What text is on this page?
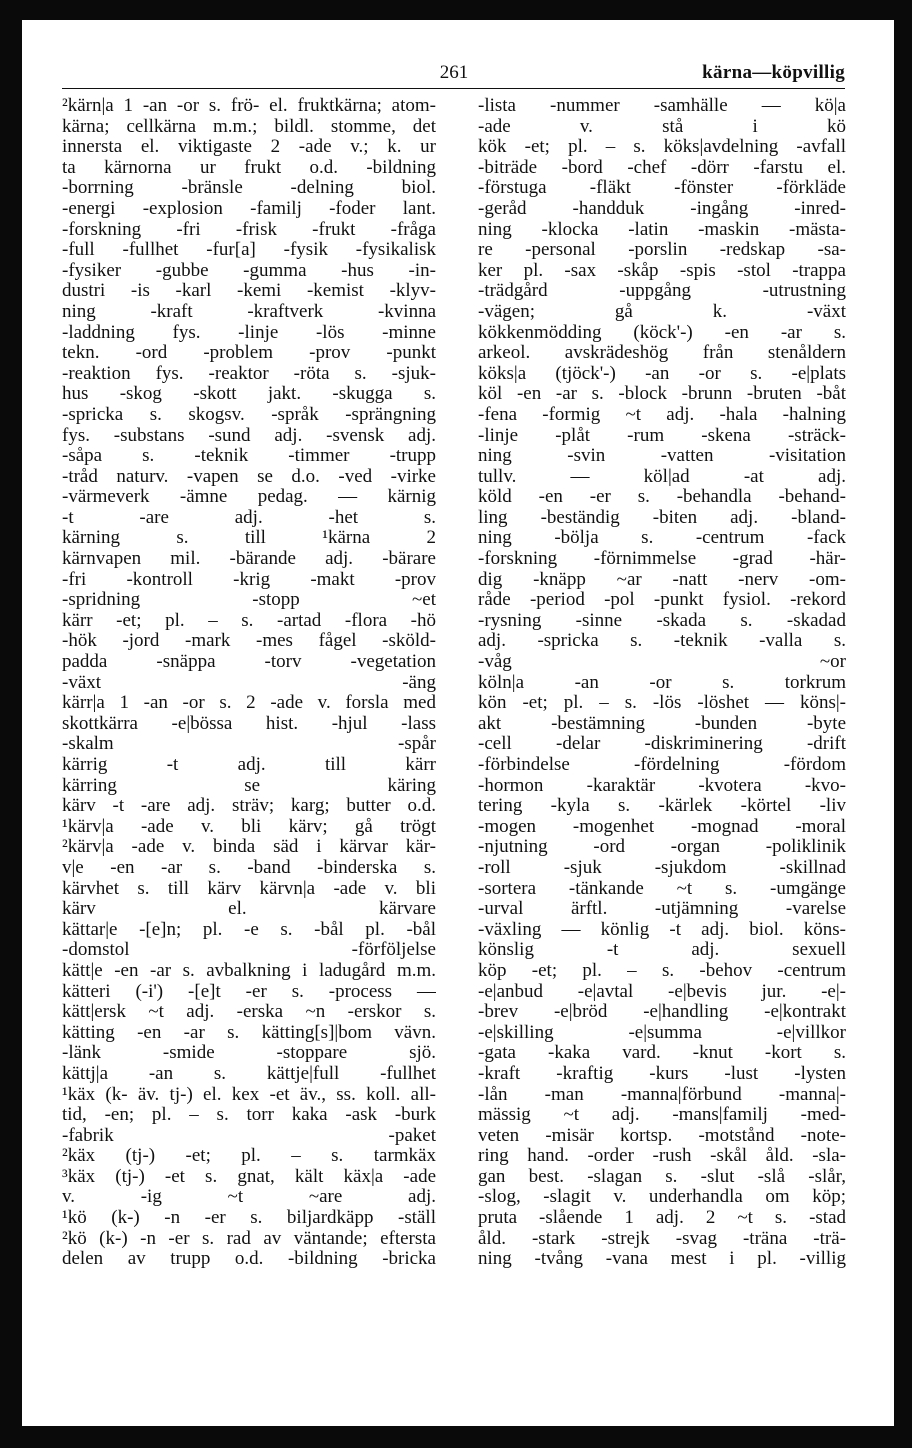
261	kärna—köpvillig
²kärn|a 1 -an -or s. frö- el. fruktkärna; atom-
kärna; cellkärna m.m.; bildl. stomme, det
innersta el. viktigaste 2 -ade v.; k. ur
ta kärnorna ur frukt o.d. -bildning
-borrning -bränsle -delning biol.
-energi -explosion -familj -foder lant.
-forskning -fri -frisk -frukt -fråga
-full -fullhet -fur[a] -fysik -fysikalisk
-fysiker -gubbe -gumma -hus -in-
dustri -is -karl -kemi -kemist -klyv-
ning -kraft -kraftverk -kvinna
-laddning fys. -linje -lös -minne
tekn. -ord -problem -prov -punkt
-reaktion fys. -reaktor -röta s. -sjuk-
hus -skog -skott jakt. -skugga s.
-spricka s. skogsv. -språk -sprängning
fys. -substans -sund adj. -svensk adj.
-såpa s. -teknik -timmer -trupp
-tråd naturv. -vapen se d.o. -ved -virke
-värmeverk -ämne pedag. — kärnig
-t -are adj. -het s.
kärning s. till ¹kärna 2
kärnvapen mil. -bärande adj. -bärare
-fri -kontroll -krig -makt -prov
-spridning -stopp ~et
kärr -et; pl. – s. -artad -flora -hö
-hök -jord -mark -mes fågel -sköld-
padda -snäppa -torv -vegetation
-växt -äng
kärr|a 1 -an -or s. 2 -ade v. forsla med
skottkärra -e|bössa hist. -hjul -lass
-skalm -spår
kärrig -t adj. till kärr
kärring se käring
kärv -t -are adj. sträv; karg; butter o.d.
¹kärv|a -ade v. bli kärv; gå trögt
²kärv|a -ade v. binda säd i kärvar kär-
v|e -en -ar s. -band -binderska s.
kärvhet s. till kärv kärvn|a -ade v. bli
kärv el. kärvare
kättar|e -[e]n; pl. -e s. -bål pl. -bål
-domstol -förföljelse
kätt|e -en -ar s. avbalkning i ladugård m.m.
kätteri (-i') -[e]t -er s. -process —
kätt|ersk ~t adj. -erska ~n -erskor s.
kätting -en -ar s. kätting[s]|bom vävn.
-länk -smide -stoppare sjö.
kättj|a -an s. kättje|full -fullhet
¹käx (k- äv. tj-) el. kex -et äv., ss. koll. all-
tid, -en; pl. – s. torr kaka -ask -burk
-fabrik -paket
²käx (tj-) -et; pl. – s. tarmkäx
³käx (tj-) -et s. gnat, kält käx|a -ade
v. -ig ~t ~are adj.
¹kö (k-) -n -er s. biljardkäpp -ställ
²kö (k-) -n -er s. rad av väntande; efterstа
delen av trupp o.d. -bildning -bricka
-lista -nummer -samhälle — kö|a
-ade v. stå i kö
kök -et; pl. – s. köks|avdelning -avfall
-biträde -bord -chef -dörr -farstu el.
-förstuga -fläkt -fönster -förkläde
-geråd -handduk -ingång -inred-
ning -klocka -latin -maskin -mästa-
re -personal -porslin -redskap -sa-
ker pl. -sax -skåp -spis -stol -trappa
-trädgård -uppgång -utrustning
-vägen; gå k. -växt
kökkenmödding (köck'-) -en -ar s.
arkeol. avskrädeshög från stenåldern
köks|a (tjöck'-) -an -or s. -e|plats
köl -en -ar s. -block -brunn -bruten -båt
-fena -formig ~t adj. -hala -halning
-linje -plåt -rum -skena -sträck-
ning -svin -vatten -visitation
tullv. — köl|ad -at adj.
köld -en -er s. -behandla -behand-
ling -beständig -biten adj. -bland-
ning -bölja s. -centrum -fack
-forskning -förnimmelse -grad -här-
dig -knäpp ~ar -natt -nerv -om-
råde -period -pol -punkt fysiol. -rekord
-rysning -sinne -skada s. -skadad
adj. -spricka s. -teknik -valla s.
-våg ~or
köln|a -an -or s. torkrum
kön -et; pl. – s. -lös -löshet — köns|-
akt -bestämning -bunden -byte
-cell -delar -diskriminering -drift
-förbindelse -fördelning -fördom
-hormon -karaktär -kvotera -kvo-
tering -kyla s. -kärlek -körtel -liv
-mogen -mogenhet -mognad -moral
-njutning -ord -organ -poliklinik
-roll -sjuk -sjukdom -skillnad
-sortera -tänkande ~t s. -umgänge
-urval ärftl. -utjämning -varelse
-växling — könlig -t adj. biol. köns-
könslig -t adj. sexuell
köp -et; pl. – s. -behov -centrum
-e|anbud -e|avtal -e|bevis jur. -e|-
-brev -e|bröd -e|handling -e|kontrakt
-e|skilling -e|summa -e|villkor
-gata -kaka vard. -knut -kort s.
-kraft -kraftig -kurs -lust -lysten
-lån -man -manna|förbund -manna|-
mässig ~t adj. -mans|familj -med-
veten -misär kortsp. -motstånd -note-
ring hand. -order -rush -skål åld. -sla-
gan best. -slagan s. -slut -slå -slår,
-slog, -slagit v. underhandla om köp;
pruta -slående 1 adj. 2 ~t s. -stad
åld. -stark -strejk -svag -träna -trä-
ning -tvång -vana mest i pl. -villig
